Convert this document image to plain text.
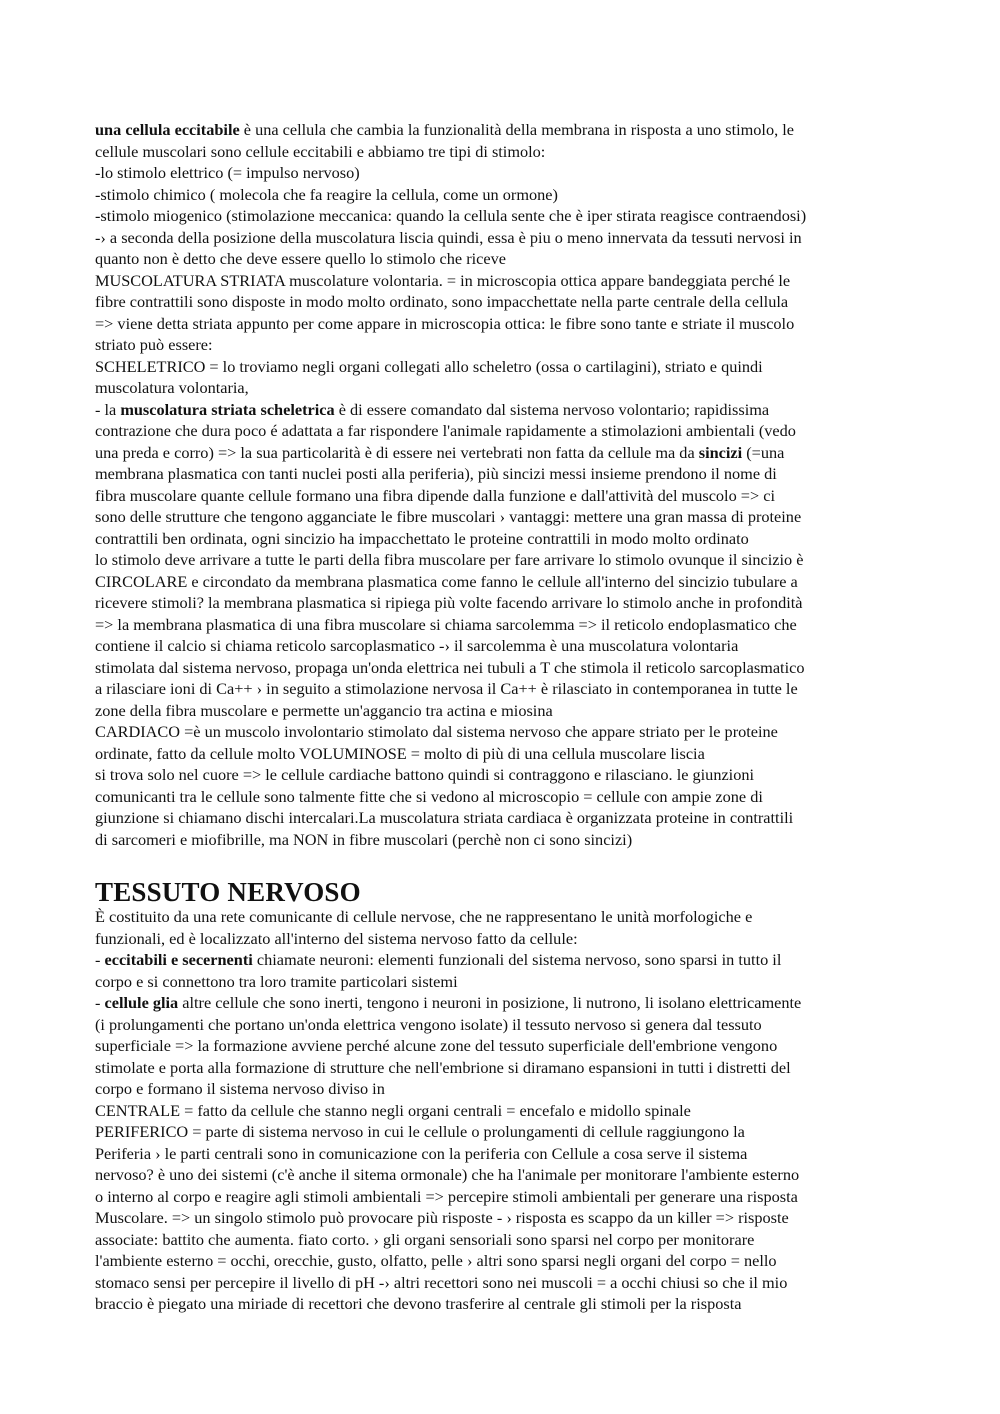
una cellula eccitabile è una cellula che cambia la funzionalità della membrana in risposta a uno stimolo, le
cellule muscolari sono cellule eccitabili e abbiamo tre tipi di stimolo:
-lo stimolo elettrico (= impulso nervoso)
-stimolo chimico ( molecola che fa reagire la cellula, come un ormone)
-stimolo miogenico (stimolazione meccanica: quando la cellula sente che è iper stirata reagisce contraendosi)
-› a seconda della posizione della muscolatura liscia quindi, essa è piu o meno innervata da tessuti nervosi in
quanto non è detto che deve essere quello lo stimolo che riceve
MUSCOLATURA STRIATA muscolature volontaria. = in microscopia ottica appare bandeggiata perché le
fibre contrattili sono disposte in modo molto ordinato, sono impacchettate nella parte centrale della cellula
=> viene detta striata appunto per come appare in microscopia ottica: le fibre sono tante e striate il muscolo
striato può essere:
SCHELETRICO = lo troviamo negli organi collegati allo scheletro (ossa o cartilagini), striato e quindi
muscolatura volontaria,
- la muscolatura striata scheletrica è di essere comandato dal sistema nervoso volontario; rapidissima
contrazione che dura poco é adattata a far rispondere l'animale rapidamente a stimolazioni ambientali (vedo
una preda e corro) => la sua particolarità è di essere nei vertebrati non fatta da cellule ma da sincizi (=una
membrana plasmatica con tanti nuclei posti alla periferia), più sincizi messi insieme prendono il nome di
fibra muscolare quante cellule formano una fibra dipende dalla funzione e dall'attività del muscolo => ci
sono delle strutture che tengono agganciate le fibre muscolari › vantaggi: mettere una gran massa di proteine
contrattili ben ordinata, ogni sincizio ha impacchettato le proteine contrattili in modo molto ordinato
lo stimolo deve arrivare a tutte le parti della fibra muscolare per fare arrivare lo stimolo ovunque il sincizio è
CIRCOLARE e circondato da membrana plasmatica come fanno le cellule all'interno del sincizio tubulare a
ricevere stimoli? la membrana plasmatica si ripiega più volte facendo arrivare lo stimolo anche in profondità
=> la membrana plasmatica di una fibra muscolare si chiama sarcolemma => il reticolo endoplasmatico che
contiene il calcio si chiama reticolo sarcoplasmatico -› il sarcolemma è una muscolatura volontaria
stimolata dal sistema nervoso, propaga un'onda elettrica nei tubuli a T che stimola il reticolo sarcoplasmatico
a rilasciare ioni di Ca++ › in seguito a stimolazione nervosa il Ca++ è rilasciato in contemporanea in tutte le
zone della fibra muscolare e permette un'aggancio tra actina e miosina
CARDIACO =è un muscolo involontario stimolato dal sistema nervoso che appare striato per le proteine
ordinate, fatto da cellule molto VOLUMINOSE = molto di più di una cellula muscolare liscia
si trova solo nel cuore => le cellule cardiache battono quindi si contraggono e rilasciano. le giunzioni
comunicanti tra le cellule sono talmente fitte che si vedono al microscopio = cellule con ampie zone di
giunzione si chiamano dischi intercalari.La muscolatura striata cardiaca è organizzata proteine in contrattili
di sarcomeri e miofibrille, ma NON in fibre muscolari (perchè non ci sono sincizi)
TESSUTO NERVOSO
È costituito da una rete comunicante di cellule nervose, che ne rappresentano le unità morfologiche e
funzionali, ed è localizzato all'interno del sistema nervoso fatto da cellule:
- eccitabili e secernenti chiamate neuroni: elementi funzionali del sistema nervoso, sono sparsi in tutto il
corpo e si connettono tra loro tramite particolari sistemi
- cellule glia altre cellule che sono inerti, tengono i neuroni in posizione, li nutrono, li isolano elettricamente
(i prolungamenti che portano un'onda elettrica vengono isolate) il tessuto nervoso si genera dal tessuto
superficiale => la formazione avviene perché alcune zone del tessuto superficiale dell'embrione vengono
stimolate e porta alla formazione di strutture che nell'embrione si diramano espansioni in tutti i distretti del
corpo e formano il sistema nervoso diviso in
CENTRALE = fatto da cellule che stanno negli organi centrali = encefalo e midollo spinale
PERIFERICO = parte di sistema nervoso in cui le cellule o prolungamenti di cellule raggiungono la
Periferia › le parti centrali sono in comunicazione con la periferia con Cellule a cosa serve il sistema
nervoso? è uno dei sistemi (c'è anche il sitema ormonale) che ha l'animale per monitorare l'ambiente esterno
o interno al corpo e reagire agli stimoli ambientali => percepire stimoli ambientali per generare una risposta
Muscolare. => un singolo stimolo può provocare più risposte - › risposta es scappo da un killer => risposte
associate: battito che aumenta. fiato corto. › gli organi sensoriali sono sparsi nel corpo per monitorare
l'ambiente esterno = occhi, orecchie, gusto, olfatto, pelle › altri sono sparsi negli organi del corpo = nello
stomaco sensi per percepire il livello di pH -› altri recettori sono nei muscoli = a occhi chiusi so che il mio
braccio è piegato una miriade di recettori che devono trasferire al centrale gli stimoli per la risposta
